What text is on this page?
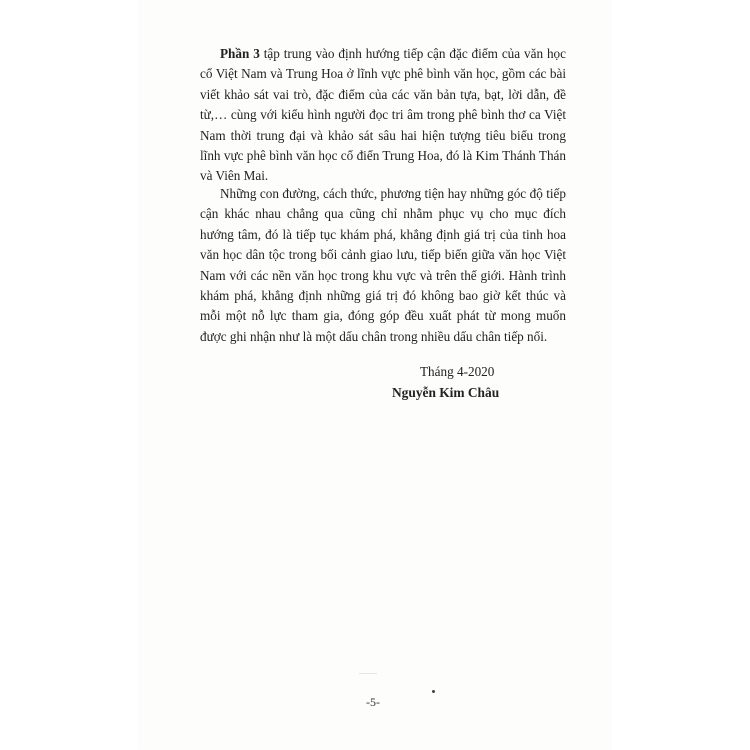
Phần 3 tập trung vào định hướng tiếp cận đặc điểm của văn học cổ Việt Nam và Trung Hoa ở lĩnh vực phê bình văn học, gồm các bài viết khảo sát vai trò, đặc điểm của các văn bản tựa, bạt, lời dẫn, đề từ,… cùng với kiểu hình người đọc tri âm trong phê bình thơ ca Việt Nam thời trung đại và khảo sát sâu hai hiện tượng tiêu biểu trong lĩnh vực phê bình văn học cổ điển Trung Hoa, đó là Kim Thánh Thán và Viên Mai.

Những con đường, cách thức, phương tiện hay những góc độ tiếp cận khác nhau chẳng qua cũng chỉ nhằm phục vụ cho mục đích hướng tâm, đó là tiếp tục khám phá, khẳng định giá trị của tinh hoa văn học dân tộc trong bối cảnh giao lưu, tiếp biến giữa văn học Việt Nam với các nền văn học trong khu vực và trên thế giới. Hành trình khám phá, khẳng định những giá trị đó không bao giờ kết thúc và mỗi một nỗ lực tham gia, đóng góp đều xuất phát từ mong muốn được ghi nhận như là một dấu chân trong nhiều dấu chân tiếp nối.

Tháng 4-2020

Nguyễn Kim Châu

-5-
